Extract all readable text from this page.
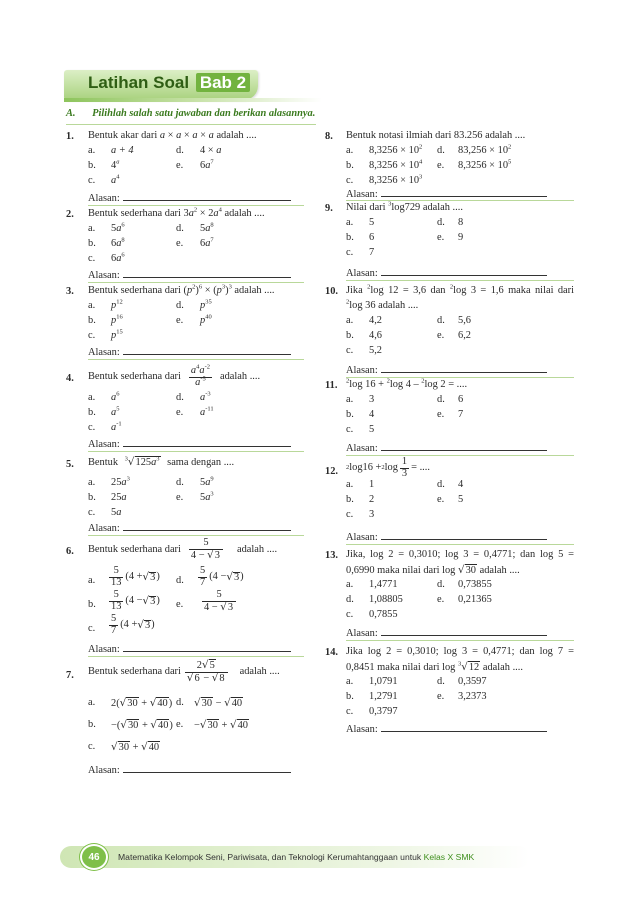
Latihan Soal Bab 2
A. Pilihlah salah satu jawaban dan berikan alasannya.
1. Bentuk akar dari a × a × a × a adalah ....
a. a + 4
b. 4$^a$
c. $a^4$
d. 4 × a
e. $6a^7$
Alasan:
2. Bentuk sederhana dari $3a^2 \times 2a^4$ adalah ....
a. $5a^6$
b. $6a^8$
c. $6a^6$
d. $5a^8$
e. $6a^7$
Alasan:
3. Bentuk sederhana dari $(p^2)^6 \times (p^3)^3$ adalah ....
a. $p^{12}$
b. $p^{16}$
c. $p^{15}$
d. $p^{35}$
e. $p^{40}$
Alasan:
4. Bentuk sederhana dari $\frac{a^4a^{-2}}{a^{-5}}$ adalah ....
a. $a^6$
b. $a^5$
c. $a^{-1}$
d. $a^{-3}$
e. $a^{-11}$
Alasan:
5. Bentuk $^3√125a^3$ sama dengan ....
a. $25a^3$
b. 25a
c. 5a
d. $5a^9$
e. $5a^3$
Alasan:
6. Bentuk sederhana dari $\frac{5}{4 - √3}$ adalah ....
a. $\frac{5}{13} (4$ + √ 3 )
b. $\frac{5}{13} (4$ − √ 3 )
c. $\frac{5}{7} (4$ + √ 3 )
d. $\frac{5}{7} (4$ − √ 3 )
e. $\frac{5}{4 - √3}$
Alasan:
7. Bentuk sederhana dari $\frac{2√5}{√6 - √8}$ adalah ....
a. 2(√30 + √40)
b. −(√30 + √40)
c. √30 + √40
d. √30 − √40
e. −√30 + √40
Alasan:
8. Bentuk notasi ilmiah dari 83.256 adalah ....
a. $8,3256 \times 10^2$
b. $8,3256 \times 10^4$
c. $8,3256 \times 10^3$
d. $83,256 \times 10^2$
e. $8,3256 \times 10^5$
Alasan:
9. Nilai dari $^3$log729 adalah ....
a. 5
b. 6
c. 7
d. 8
e. 9
Alasan:
10. Jika $^2$log 12 = 3,6 dan $^2$log 3 = 1,6 maka nilai dari
$^2$log 36 adalah ....
a. 4,2
b. 4,6
c. 5,2
d. 5,6
e. 6,2
Alasan:
11. $^2$log 16 + $^2$log 4 – $^2$log 2 = ....
a. 3
b. 4
c. 5
d. 6
e. 7
Alasan:
12. 2 log16 + 2 $\log \frac{1}{3}$ = ....
a. 1
b. 2
c. 3
d. 4
e. 5
Alasan:
13. Jika, log 2 = 0,3010; log 3 = 0,4771; dan log 5 =
0,6990 maka nilai dari log √30 adalah ....
a. 1,4771
d. 1,08805
c. 0,7855
d. 0,73855
e. 0,21365
Alasan:
14. Jika log 2 = 0,3010; log 3 = 0,4771; dan log 7 =
0,8451 maka nilai dari log $^3$√12 adalah ....
a. 1,0791
b. 1,2791
c. 0,3797
d. 0,3597
e. 3,2373
Alasan:
46 Matematika Kelompok Seni, Pariwisata, dan Teknologi Kerumahtanggaan untuk Kelas X SMK
